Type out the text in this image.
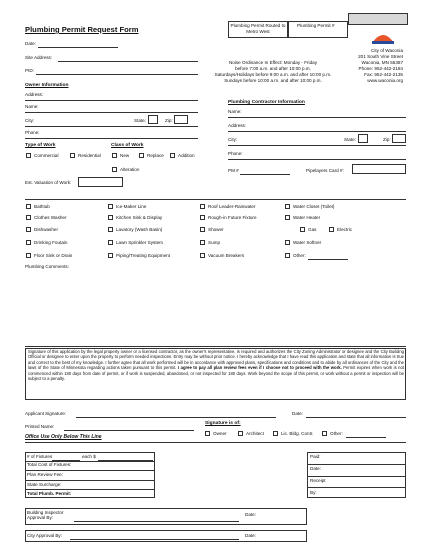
Plumbing Permit Request Form	Plumbing Permit Routed to Metro West
Plumbing Permit #
City of Waconia
201 South Vine Street
Waconia, MN 55387
Phone: 952-442-2184
Fax: 952-442-2135
www.waconia.org
Noise Ordinance In Effect: Monday - Friday
before 7:00 a.m. and after 10:00 p.m.
Saturdays/Holidays before 9:00 a.m. and after 10:00 p.m.
Sundays before 10:00 a.m. and after 10:00 p.m.
Date:
Site Address:
PID:
Owner Information
Address:
Name:
City:	State:	Zip:
Phone:
Plumbing Contractor Information
Name:
Address:
City:	State:	Zip:
Phone:
PM #	Pipelayers Card #:
Type of Work
Commercial	Residential
Class of Work
New	Replace	Addition
Alteration
Est. Valuation of Work:
Bathtub
Clothes Washer
Dishwasher
Drinking Foutain
Floor Sink or Drain
Ice-Maker Line
Kitchen Sink & Display
Lavatory (Wash Basin)
Lawn Sprinkler System
Piping/Treating Equipment
Roof Leader-Rainwater
Rough-in Future Fixture
Shower
Sump
Vacuum Breakers
Water Closet (Toilet)
Water Heater
Gas	Electric
Water Softner
Other:
Plumbing Comments:
Signature of this application by the legal property owner or a licensed contractor, as the owner's representative, is required and authorizes the City Zoning Administrator or designee and the City Building Official or designee to enter upon the property to perform needed inspections. Entry may be without prior notice. I hereby acknowledge that I have read this application and state that all information is true and correct to the best of my knowledge. I further agree that all work performed will be in accordance with approved plans, specifications and conditions and to abide by all ordinances of the City and the laws of the State of Minnesota regarding actions taken pursuant to this permit. I agree to pay all plan review fees even if I choose not to proceed with the work. Permit expires when work is not commenced within 180 days from date of permit, or if work is suspended, abandoned, or not inspected for 180 days. Work beyond the scope of this permit, or work without a permit or inspection will be subject to a penalty.
Applicant Signature:	Date:
Printed Name:
Signature is of:
Owner	Architect	Lic. Bldg. Contr.	Other:
Office Use Only Below This Line
# of Fixtures	each $
Total Cost of Fixtures:
Plan Review Fee:
State Surcharge:
Total Plumb. Permit:
Paid:
Date:
Receipt
By:
Building Inspector Approval By:
Date:
City Approval By:	Date:
